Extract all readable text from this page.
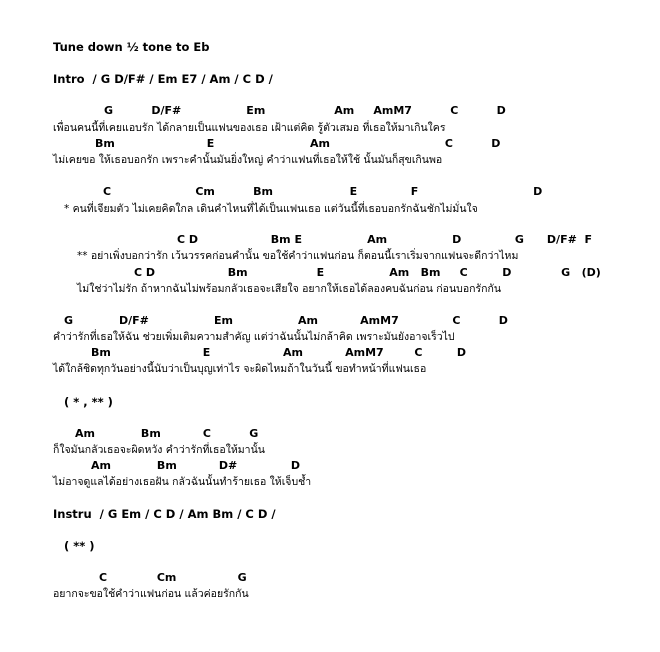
Tune down ½ tone to Eb
Intro  / G D/F# / Em E7 / Am / C D /
G          D/F#                 Em                  Am     AmM7          C          D
เพื่อนคนนี้ที่เคยแอบรัก ได้กลายเป็นแฟนของเธอ เฝ้าแต่คิด รู้ตัวเสมอ ที่เธอให้มาเกินใคร
Bm                        E                         Am                              C          D
ไม่เคยขอ ให้เธอบอกรัก เพราะคำนั้นมันยิ่งใหญ่ คำว่าแฟนที่เธอให้ใช้ นั้นมันก็สุขเกินพอ
C                      Cm          Bm                    E              F                              D
* คนที่เจียมตัว ไม่เคยคิดใกล เดินคำไหนที่ได้เป็นแฟนเธอ แต่วันนี้ที่เธอบอกรักฉันชักไม่มั่นใจ
C D                   Bm E                 Am                 D              G      D/F#  F
** อย่าเพิ่งบอกว่ารัก เว้นวรรคก่อนคำนั้น ขอใช้คำว่าแฟนก่อน ก็ตอนนี้เราเริ่มจากแฟนจะดีกว่าไหม
C D                   Bm                  E                 Am   Bm     C         D             G   (D)
ไม่ใช่ว่าไม่รัก ถ้าหากฉันไม่พร้อมกลัวเธอจะเสียใจ อยากให้เธอได้ลองคบฉันก่อน ก่อนบอกรักกัน
G            D/F#                 Em                 Am           AmM7              C          D
คำว่ารักที่เธอให้ฉัน ช่วยเพิ่มเติมความสำคัญ แต่ว่าฉันนั้นไม่กล้าคิด เพราะมันยังอาจเร็วไป
Bm                        E                   Am           AmM7        C         D
ได้ใกล้ชิดทุกวันอย่างนี้นับว่าเป็นบุญเท่าไร จะผิดไหมถ้าในวันนี้ ขอทำหน้าที่แฟนเธอ
( * , ** )
Am            Bm           C          G
ก็ใจมันกลัวเธอจะผิดหวัง คำว่ารักที่เธอให้มานั้น
Am            Bm           D#              D
ไม่อาจดูแลได้อย่างเธอฝัน กลัวฉันนั้นทำร้ายเธอ ให้เจ็บช้ำ
Instru  / G Em / C D / Am Bm / C D /
( ** )
C             Cm                G
อยากจะขอใช้คำว่าแฟนก่อน แล้วค่อยรักกัน
